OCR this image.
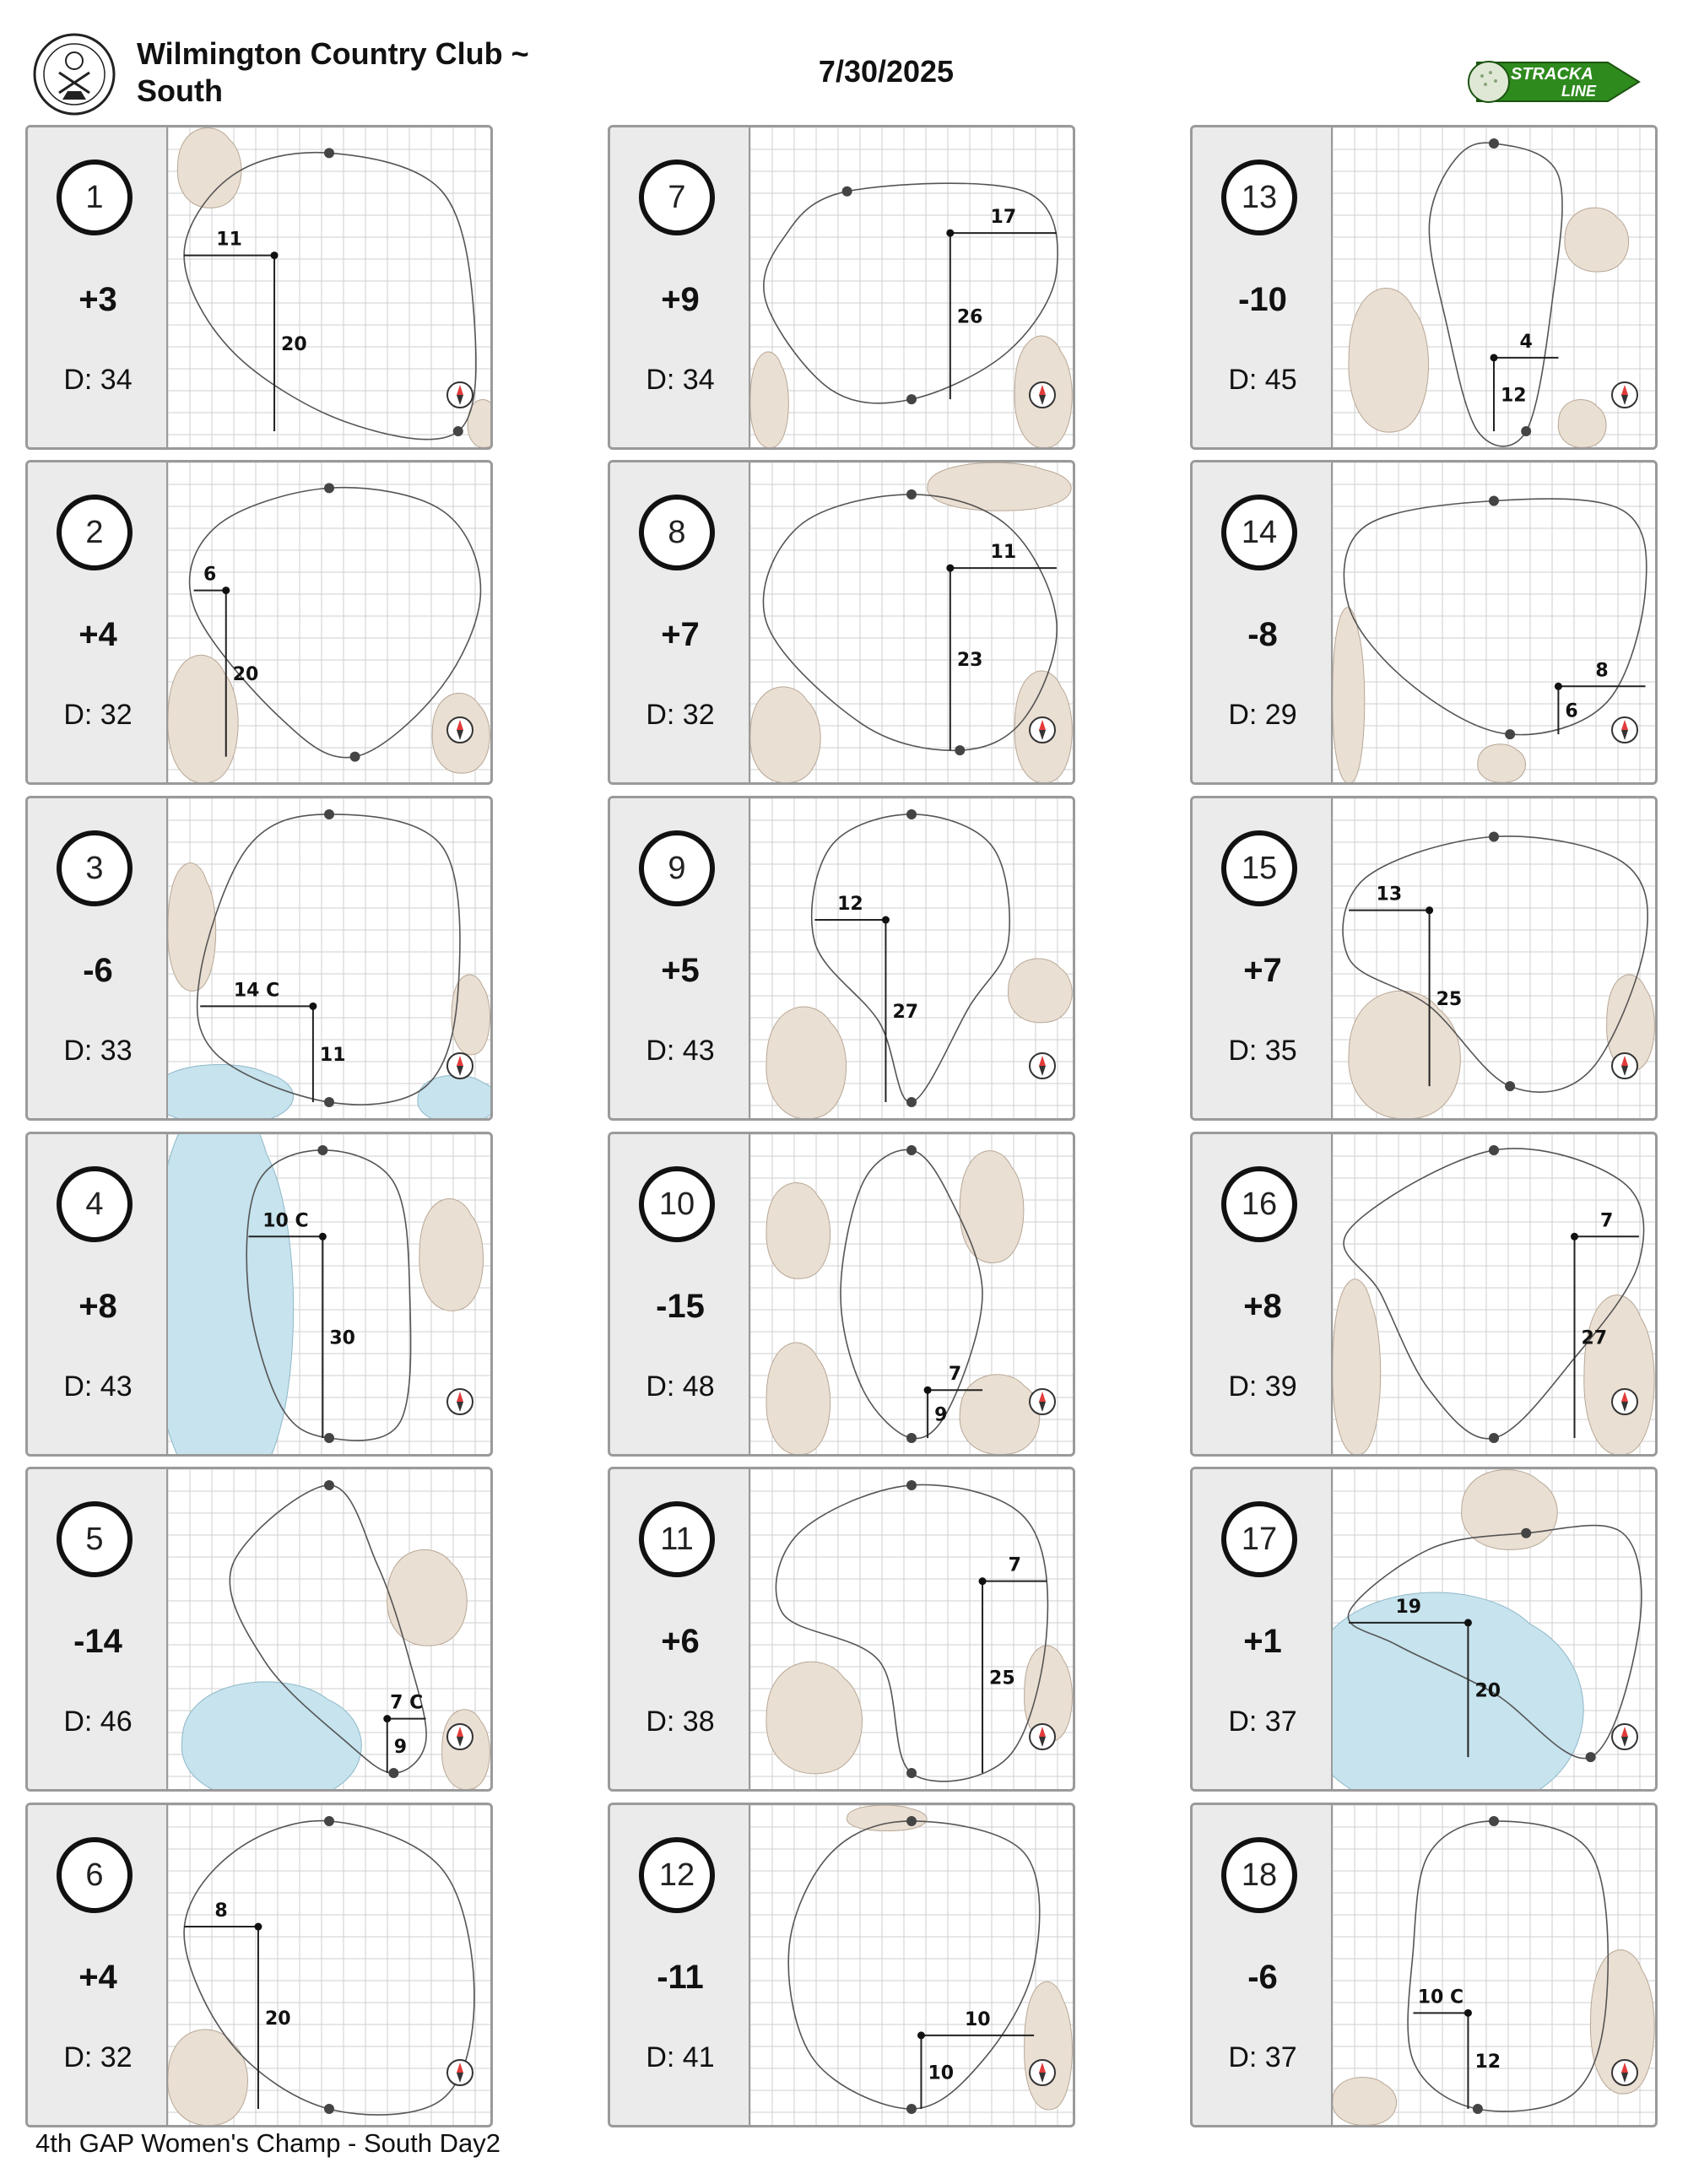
Wilmington Country Club ~
South
7/30/2025	STRACKA
LINE
1
+3
D: 34
11
20
7
+9
D: 34
17
26
13
-10
D: 45
4
12
2
+4
D: 32
6
20
8
+7
D: 32
11
23
14
-8
D: 29
8
6
3
-6
D: 33
14 C
11
9
+5
D: 43
12
27
15
+7
D: 35
13
25
4
+8
D: 43
10 C
30
10
-15
D: 48	7
9
16
+8
D: 39
7
27
5
-14
D: 46
7 C
9
11
+6
D: 38
7
25
17
+1
D: 37
19
20
6
+4
D: 32
8
20
12
-11
D: 41
10
10
18
-6
D: 37
10 C
12
4th GAP Women's Champ - South Day2
